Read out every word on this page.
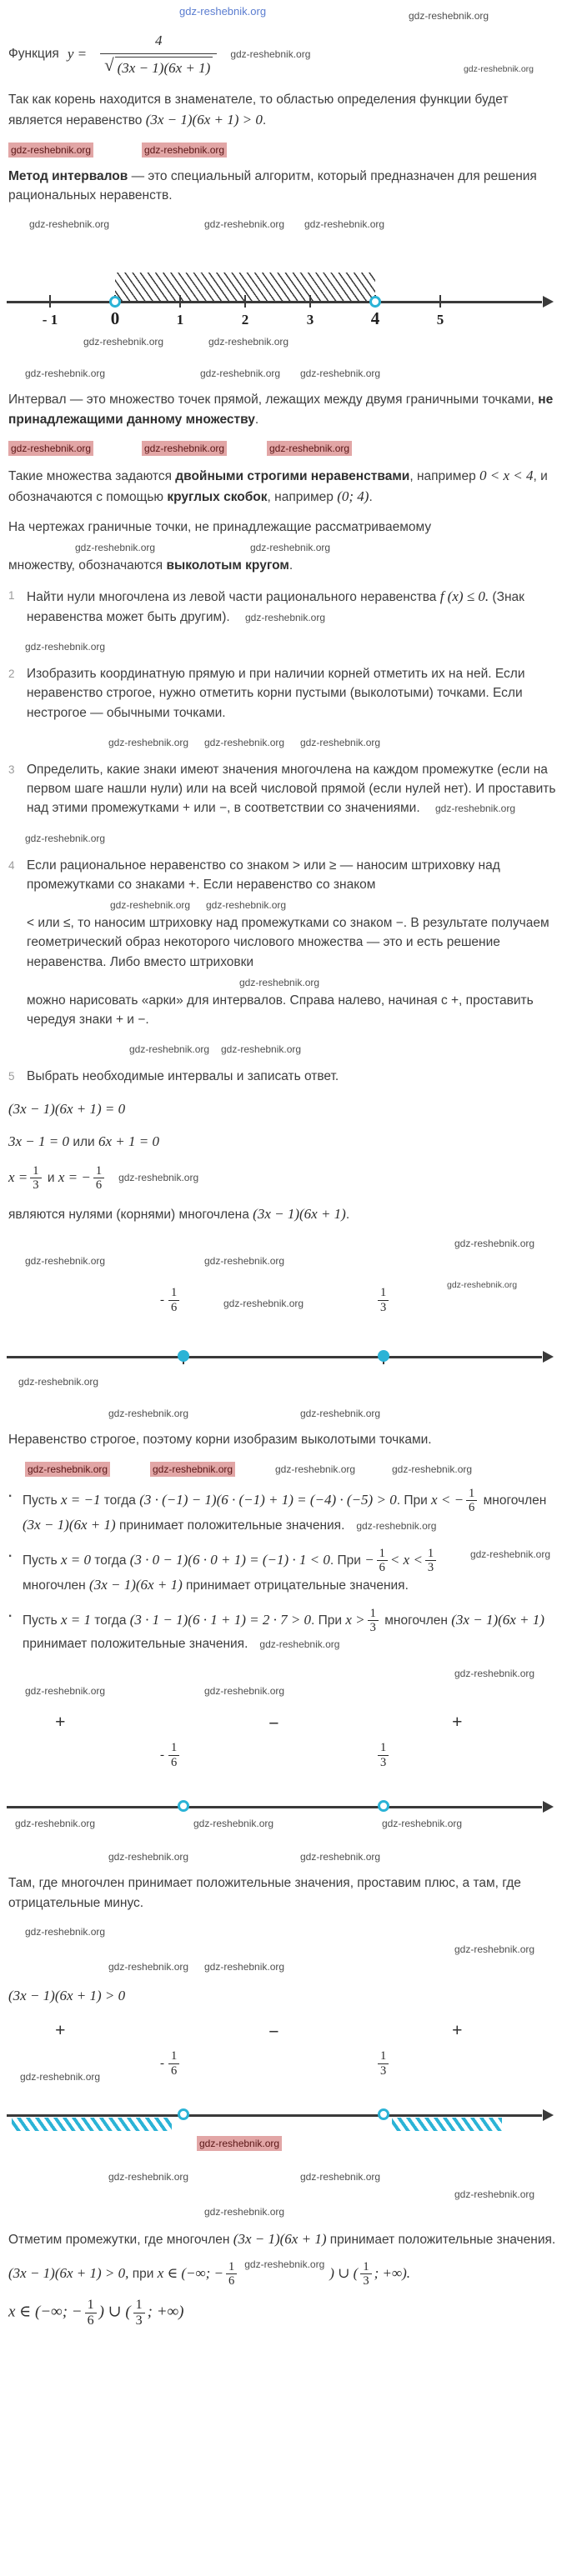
gdz-reshebnik.org	gdz-reshebnik.org
Функция $y = \frac{4}{√ (3x - 1)(6x + 1)}$ gdz-reshebnik.org
gdz-reshebnik.org

Так как корень находится в знаменателе, то областью определения функции будет является неравенство (3x − 1)(6x + 1) > 0.

gdz-reshebnik.org	gdz-reshebnik.org

Метод интервалов — это специальный алгоритм, который предназначен для решения рациональных неравенств.

gdz-reshebnik.org	gdz-reshebnik.org gdz-reshebnik.org
- 1	0	1	2	3	4	5
gdz-reshebnik.org	gdz-reshebnik.org
gdz-reshebnik.org	gdz-reshebnik.org gdz-reshebnik.org

Интервал — это множество точек прямой, лежащих между двумя граничными точками, не принадлежащими данному множеству.

gdz-reshebnik.org	gdz-reshebnik.org	gdz-reshebnik.org

Такие множества задаются двойными строгими неравенствами, например 0 < x < 4, и обозначаются с помощью круглых скобок, например (0; 4).

На чертежах граничные точки, не принадлежащие рассматриваемому

gdz-reshebnik.org	gdz-reshebnik.org

множеству, обозначаются выколотым кругом.

1 Найти нули многочлена из левой части рационального неравенства f (x) ≤ 0. (Знак неравенства может быть другим). gdz-reshebnik.org
gdz-reshebnik.org
2 Изобразить координатную прямую и при наличии корней отметить их на ней. Если неравенство строгое, нужно отметить корни пустыми (выколотыми) точками. Если нестрогое — обычными точками.
gdz-reshebnik.org gdz-reshebnik.org gdz-reshebnik.org
3 Определить, какие знаки имеют значения многочлена на каждом промежутке (если на первом шаге нашли нули) или на всей числовой прямой (если нулей нет). И проставить над этими промежутками + или −, в соответствии со значениями. gdz-reshebnik.org
gdz-reshebnik.org
4 Если рациональное неравенство со знаком > или ≥ — наносим штриховку над промежутками со знаками +. Если неравенство со знаком
gdz-reshebnik.org gdz-reshebnik.org
< или ≤, то наносим штриховку над промежутками со знаком −. В результате получаем геометрический образ некоторого числового множества — это и есть решение неравенства. Либо вместо штриховки
gdz-reshebnik.org
можно нарисовать «арки» для интервалов. Справа налево, начиная с +, проставить чередуя знаки + и −.
gdz-reshebnik.org gdz-reshebnik.org
5 Выбрать необходимые интервалы и записать ответ.

(3x − 1)(6x + 1) = 0

3x − 1 = 0 или 6x + 1 = 0

$x = \frac{1}{3}$ и x = − $\frac{1}{6}$ gdz-reshebnik.org

являются нулями (корнями) многочлена (3x − 1)(6x + 1).

gdz-reshebnik.org
gdz-reshebnik.org	gdz-reshebnik.org
gdz-reshebnik.org
- $\frac{1}{6}$	gdz-reshebnik.org	$\frac{1}{3}$
gdz-reshebnik.org
gdz-reshebnik.org	gdz-reshebnik.org

Неравенство строгое, поэтому корни изобразим выколотыми точками.

gdz-reshebnik.org	gdz-reshebnik.org	gdz-reshebnik.org	gdz-reshebnik.org
· Пусть x = −1 тогда (3 · (−1) − 1)(6 · (−1) + 1) = (−4) · (−5) > 0. При x < − $\frac{1}{6}$ многочлен (3x − 1)(6x + 1) принимает положительные значения. gdz-reshebnik.org
·	gdz-reshebnik.org
Пусть x = 0 тогда (3 · 0 − 1)(6 · 0 + 1) = (−1) · 1 < 0. При − $\frac{1}{6} < x < \frac{1}{3}$
многочлен (3x − 1)(6x + 1) принимает отрицательные значения.
· Пусть x = 1 тогда (3 · 1 − 1)(6 · 1 + 1) = 2 · 7 > 0. При $x > \frac{1}{3}$ многочлен (3x − 1)(6x + 1) принимает положительные значения. gdz-reshebnik.org
gdz-reshebnik.org
gdz-reshebnik.org	gdz-reshebnik.org
+	−	+
- $\frac{1}{6}$	$\frac{1}{3}$
gdz-reshebnik.org	gdz-reshebnik.org	gdz-reshebnik.org
gdz-reshebnik.org	gdz-reshebnik.org

Там, где многочлен принимает положительные значения, проставим плюс, а там, где отрицательные минус.

gdz-reshebnik.org
gdz-reshebnik.org
gdz-reshebnik.org gdz-reshebnik.org

(3x − 1)(6x + 1) > 0

+	−	+
- $\frac{1}{6}$	$\frac{1}{3}$
gdz-reshebnik.org
gdz-reshebnik.org
gdz-reshebnik.org	gdz-reshebnik.org
gdz-reshebnik.org
gdz-reshebnik.org

Отметим промежутки, где многочлен (3x − 1)(6x + 1) принимает положительные значения.

(3x − 1)(6x + 1) > 0, при x ∈ (−∞; − $\frac{1}{6} ^{gdz-reshebnik.org}$) ∪ ( $\frac{1}{3}$ ; +∞).

x ∈ (−∞; − $\frac{1}{6}$ ) ∪ ( $\frac{1}{3}$ ; +∞)
